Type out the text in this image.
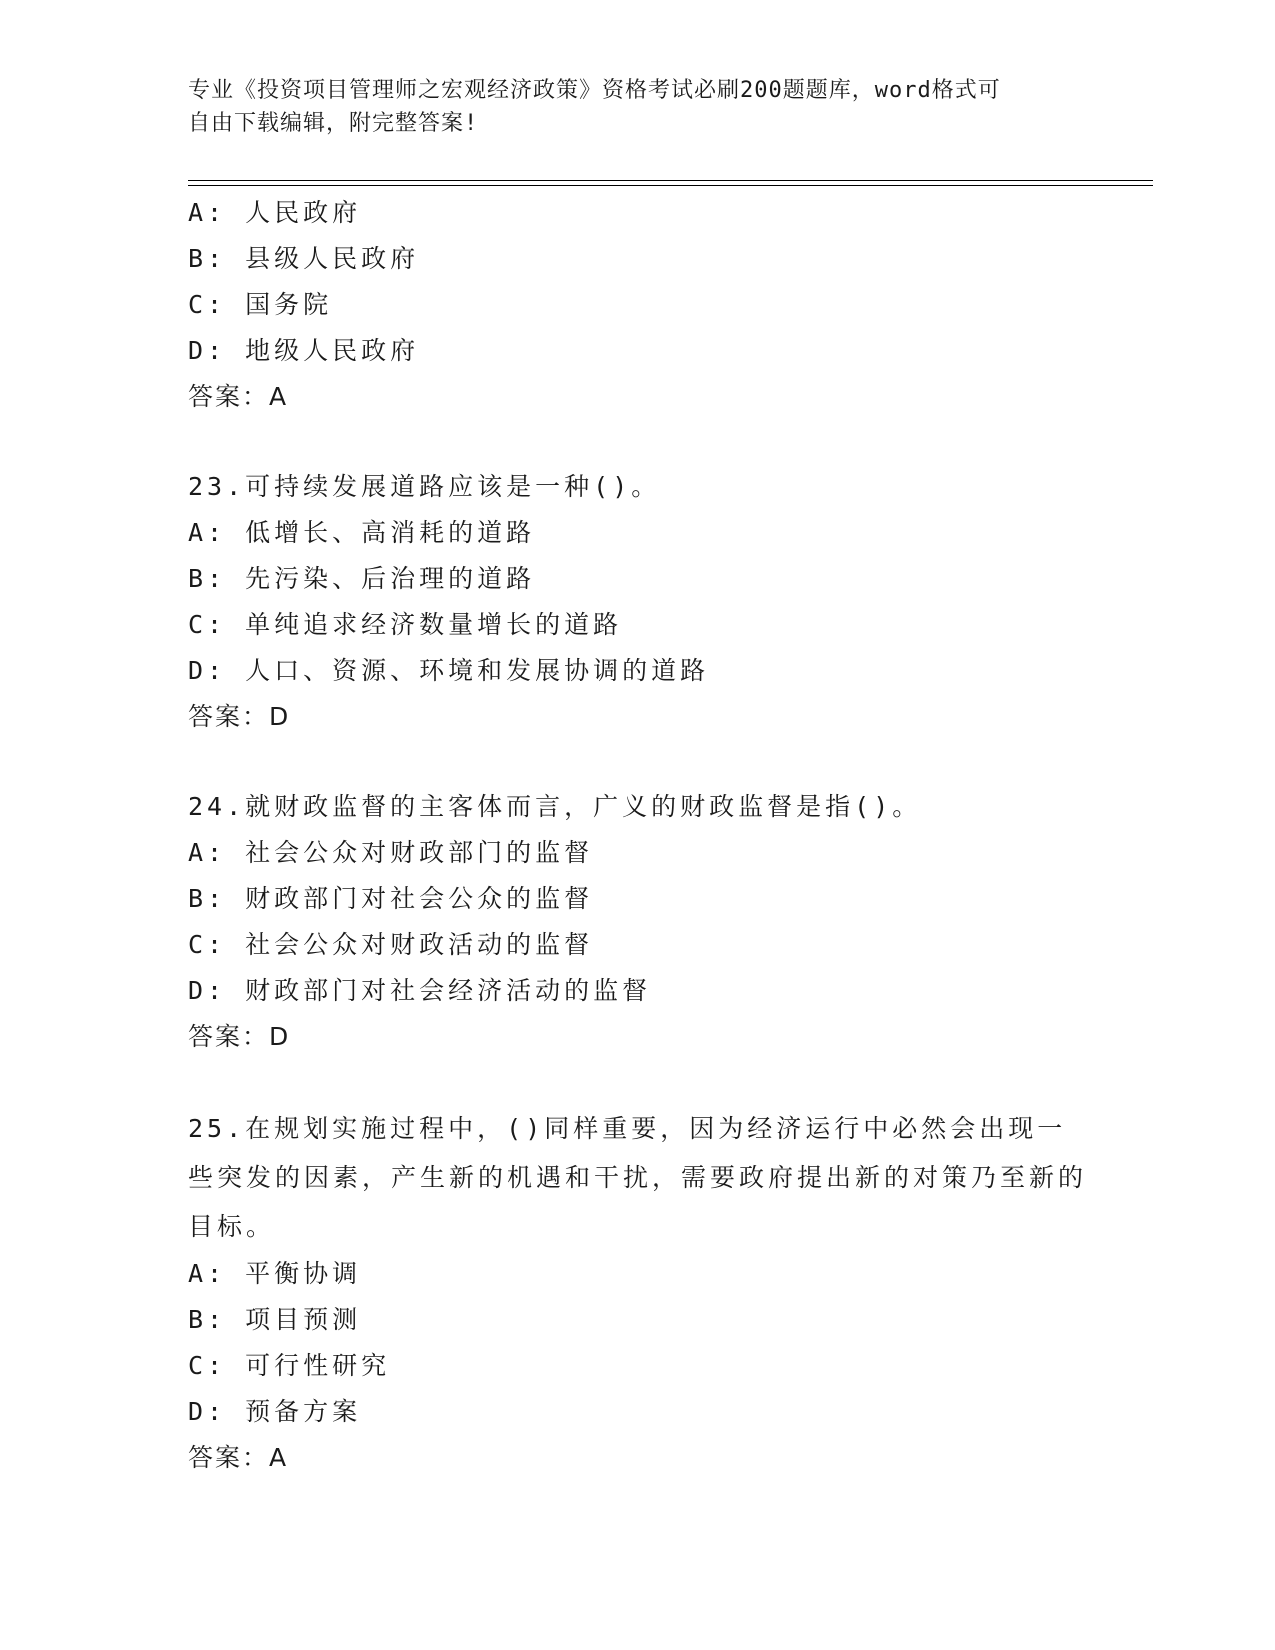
专业《投资项目管理师之宏观经济政策》资格考试必刷200题题库，word格式可
自由下载编辑，附完整答案!
A: 人民政府
B: 县级人民政府
C: 国务院
D: 地级人民政府
答案：A
23.可持续发展道路应该是一种()。
A: 低增长、高消耗的道路
B: 先污染、后治理的道路
C: 单纯追求经济数量增长的道路
D: 人口、资源、环境和发展协调的道路
答案：D
24.就财政监督的主客体而言，广义的财政监督是指()。
A: 社会公众对财政部门的监督
B: 财政部门对社会公众的监督
C: 社会公众对财政活动的监督
D: 财政部门对社会经济活动的监督
答案：D
25.在规划实施过程中，()同样重要，因为经济运行中必然会出现一些突发的因素，产生新的机遇和干扰，需要政府提出新的对策乃至新的目标。
A: 平衡协调
B: 项目预测
C: 可行性研究
D: 预备方案
答案：A
